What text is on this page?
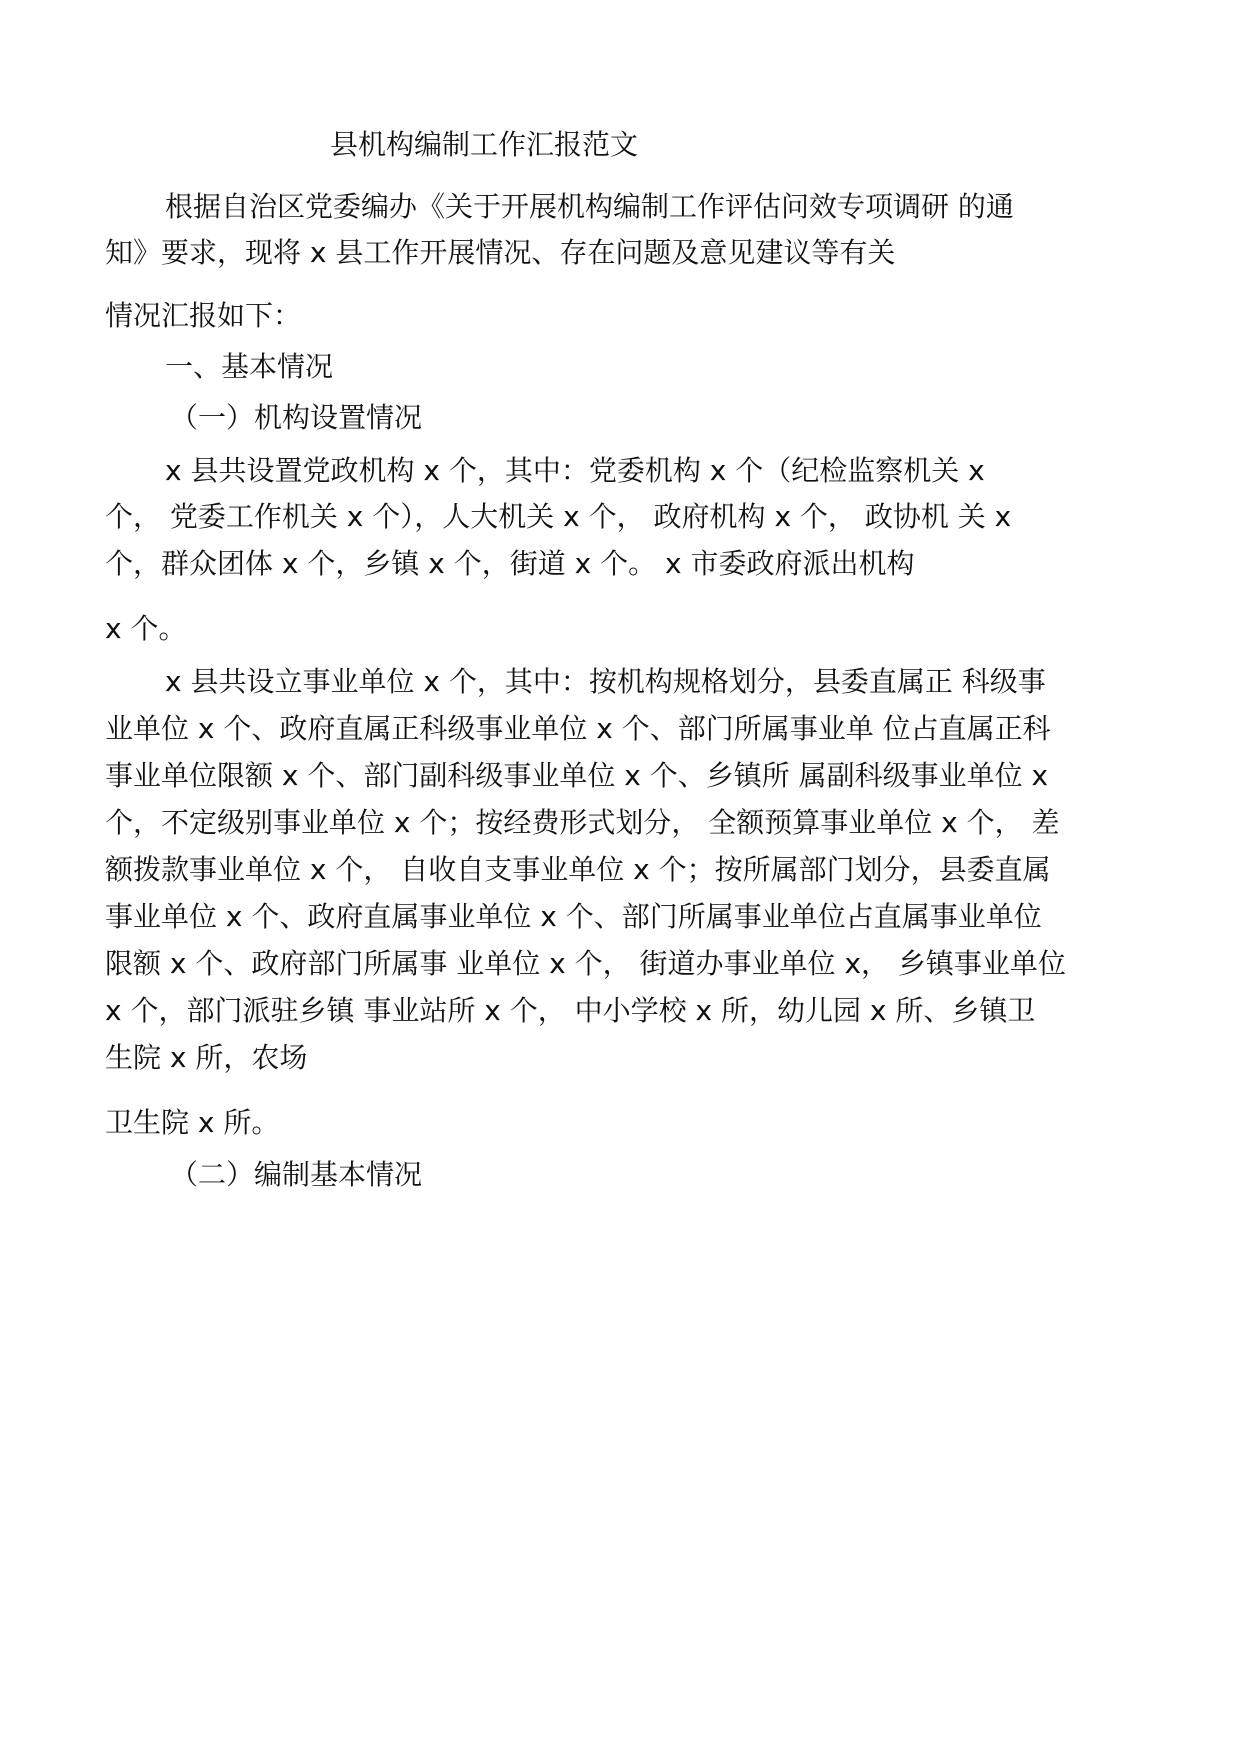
县机构编制工作汇报范文
根据自治区党委编办《关于开展机构编制工作评估问效专项调研 的通
知》要求，现将 x 县工作开展情况、存在问题及意见建议等有关
情况汇报如下：
一、基本情况
（一）机构设置情况
x 县共设置党政机构 x 个，其中：党委机构 x 个（纪检监察机关 x
个， 党委工作机关 x 个），人大机关 x 个， 政府机构 x 个， 政协机 关 x
个，群众团体 x 个，乡镇 x 个，街道 x 个。 x 市委政府派出机构
x 个。
x 县共设立事业单位 x 个，其中：按机构规格划分，县委直属正 科级事
业单位 x 个、政府直属正科级事业单位 x 个、部门所属事业单 位占直属正科
事业单位限额 x 个、部门副科级事业单位 x 个、乡镇所 属副科级事业单位 x
个，不定级别事业单位 x 个；按经费形式划分， 全额预算事业单位 x 个， 差
额拨款事业单位 x 个， 自收自支事业单位 x 个；按所属部门划分，县委直属
事业单位 x 个、政府直属事业单位 x 个、部门所属事业单位占直属事业单位
限额 x 个、政府部门所属事 业单位 x 个， 街道办事业单位 x， 乡镇事业单位
x 个，部门派驻乡镇 事业站所 x 个， 中小学校 x 所，幼儿园 x 所、乡镇卫
生院 x 所，农场
卫生院 x 所。
（二）编制基本情况
